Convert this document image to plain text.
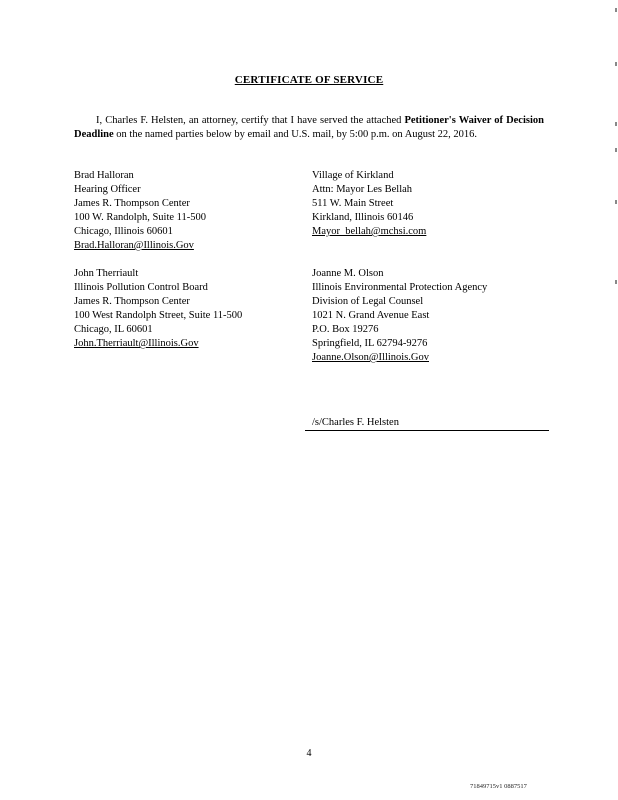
CERTIFICATE OF SERVICE
I, Charles F. Helsten, an attorney, certify that I have served the attached Petitioner's Waiver of Decision Deadline on the named parties below by email and U.S. mail, by 5:00 p.m. on August 22, 2016.
Brad Halloran
Hearing Officer
James R. Thompson Center
100 W. Randolph, Suite 11-500
Chicago, Illinois 60601
Brad.Halloran@Illinois.Gov
Village of Kirkland
Attn: Mayor Les Bellah
511 W. Main Street
Kirkland, Illinois 60146
Mayor_bellah@mchsi.com
John Therriault
Illinois Pollution Control Board
James R. Thompson Center
100 West Randolph Street, Suite 11-500
Chicago, IL 60601
John.Therriault@Illinois.Gov
Joanne M. Olson
Illinois Environmental Protection Agency
Division of Legal Counsel
1021 N. Grand Avenue East
P.O. Box 19276
Springfield, IL 62794-9276
Joanne.Olson@Illinois.Gov
/s/Charles F. Helsten
4
71849715v1 0887517
